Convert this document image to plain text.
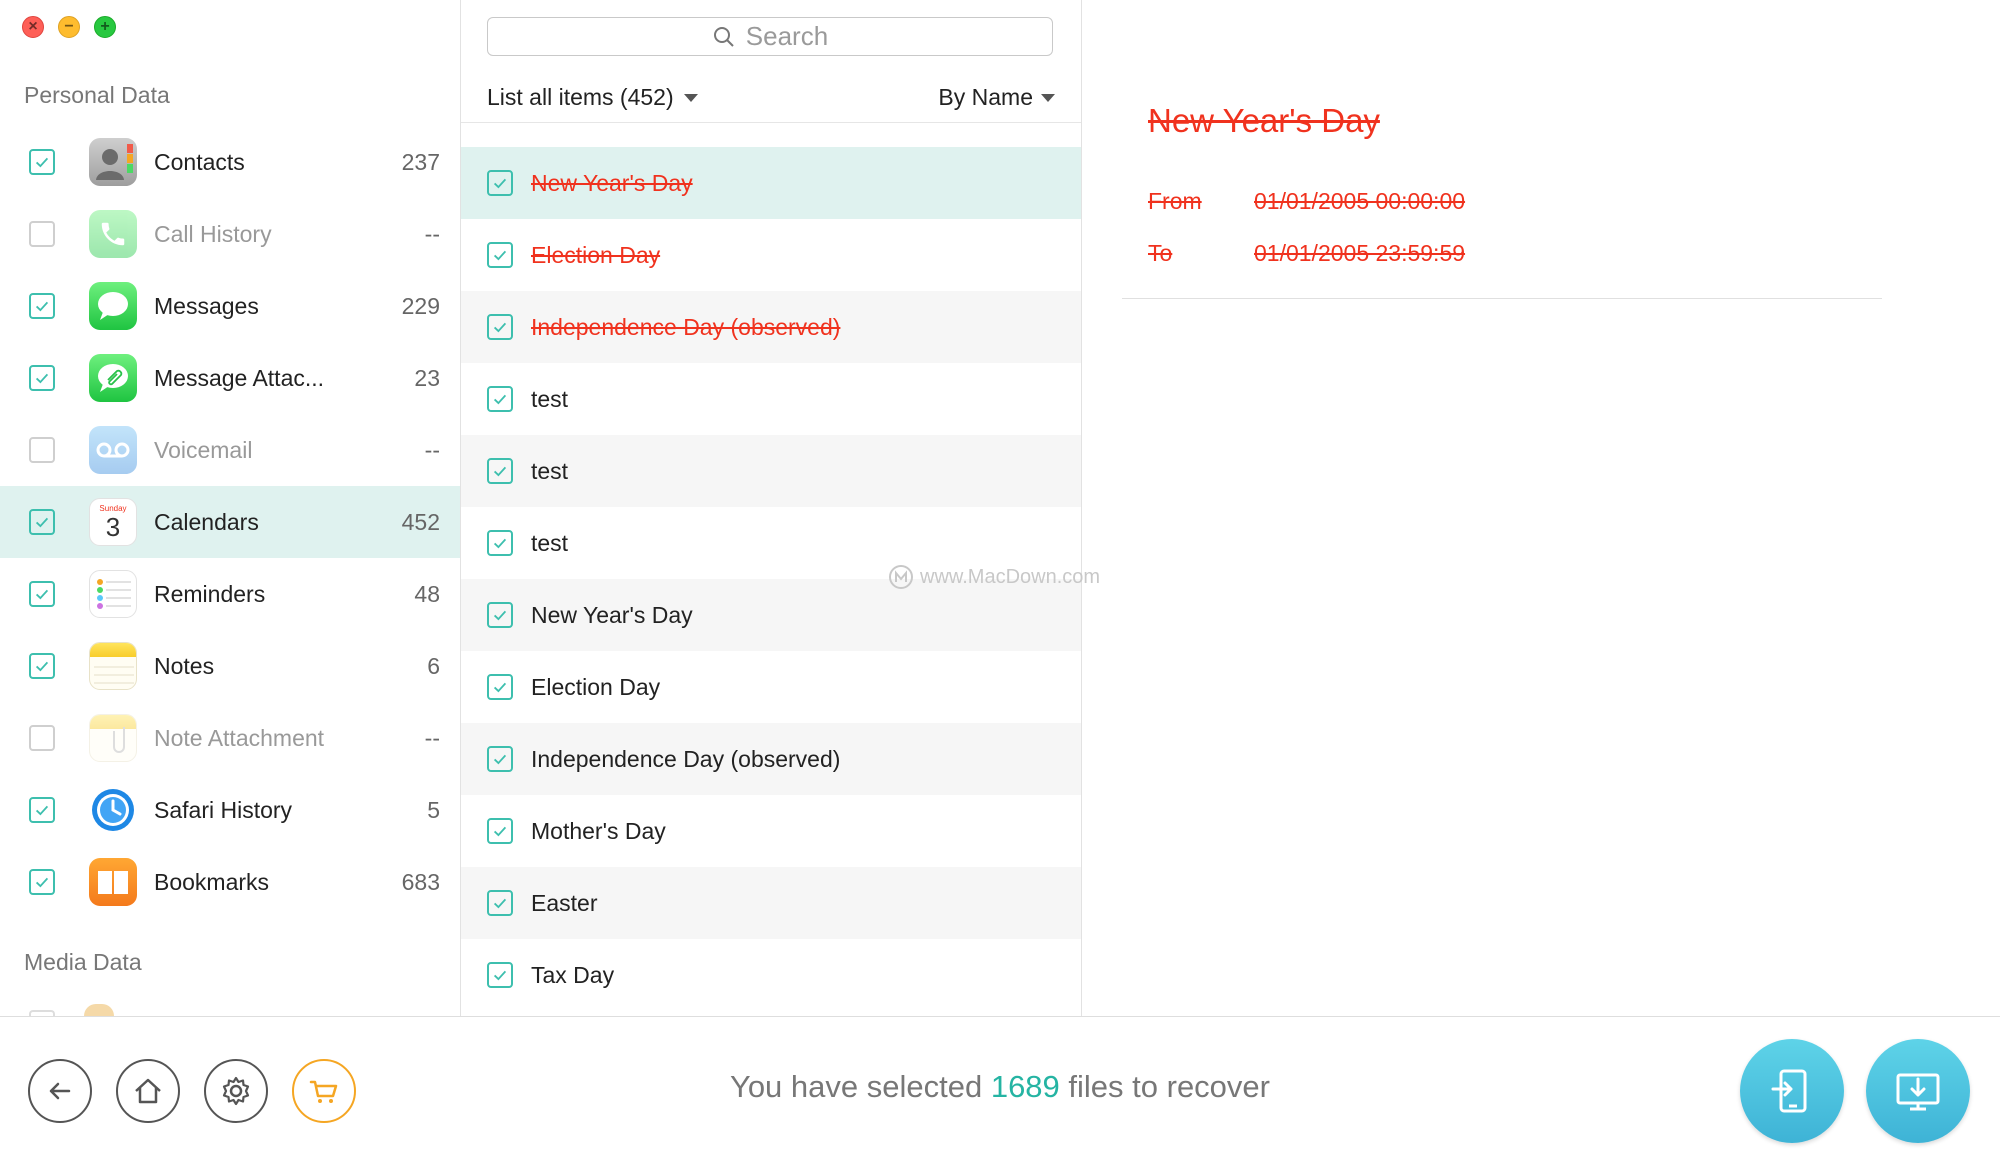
×	−	+
Personal Data
Contacts	237
Call History	--
Messages	229
Message Attac...	23
Voicemail	--
Sunday
3 Calendars	452
Reminders	48
Notes	6
Note Attachment	--
Safari History	5
Bookmarks	683
Media Data
Search
List all items (452)	By Name
New Year's Day
Election Day
Independence Day (observed)
test
test
test
New Year's Day
Election Day
Independence Day (observed)
Mother's Day
Easter
Tax Day
New Year's Day
From	01/01/2005 00:00:00
To	01/01/2005 23:59:59
www.MacDown.com
You have selected 1689 files to recover
